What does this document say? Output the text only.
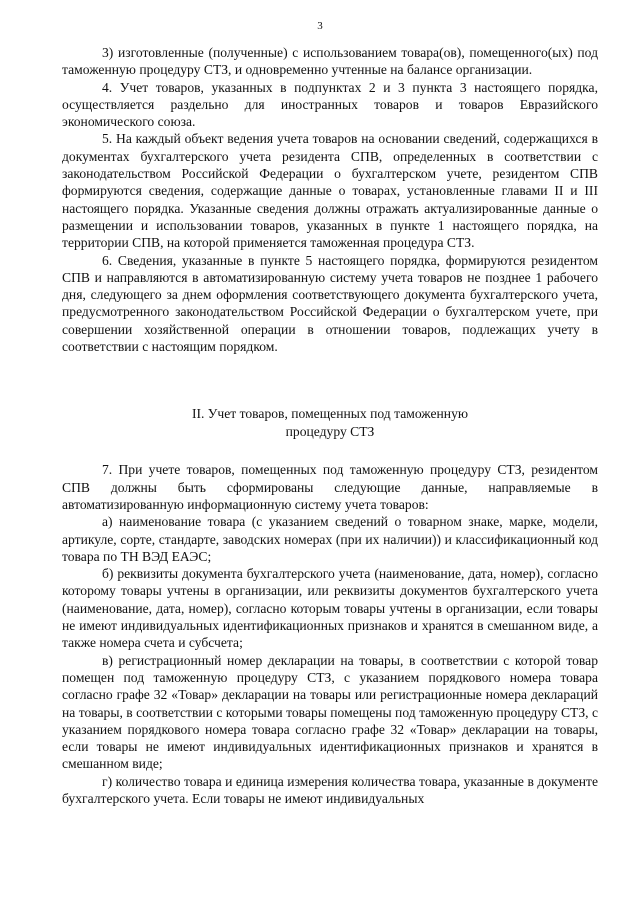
3

3) изготовленные (полученные) с использованием товара(ов), помещенного(ых) под таможенную процедуру СТЗ, и одновременно учтенные на балансе организации.

4. Учет товаров, указанных в подпунктах 2 и 3 пункта 3 настоящего порядка, осуществляется раздельно для иностранных товаров и товаров Евразийского экономического союза.

5. На каждый объект ведения учета товаров на основании сведений, содержащихся в документах бухгалтерского учета резидента СПВ, определенных в соответствии с законодательством Российской Федерации о бухгалтерском учете, резидентом СПВ формируются сведения, содержащие данные о товарах, установленные главами II и III настоящего порядка. Указанные сведения должны отражать актуализированные данные о размещении и использовании товаров, указанных в пункте 1 настоящего порядка, на территории СПВ, на которой применяется таможенная процедура СТЗ.

6. Сведения, указанные в пункте 5 настоящего порядка, формируются резидентом СПВ и направляются в автоматизированную систему учета товаров не позднее 1 рабочего дня, следующего за днем оформления соответствующего документа бухгалтерского учета, предусмотренного законодательством Российской Федерации о бухгалтерском учете, при совершении хозяйственной операции в отношении товаров, подлежащих учету в соответствии с настоящим порядком.

II. Учет товаров, помещенных под таможенную
процедуру СТЗ

7. При учете товаров, помещенных под таможенную процедуру СТЗ, резидентом СПВ должны быть сформированы следующие данные, направляемые в автоматизированную информационную систему учета товаров:

а) наименование товара (с указанием сведений о товарном знаке, марке, модели, артикуле, сорте, стандарте, заводских номерах (при их наличии)) и классификационный код товара по ТН ВЭД ЕАЭС;

б) реквизиты документа бухгалтерского учета (наименование, дата, номер), согласно которому товары учтены в организации, или реквизиты документов бухгалтерского учета (наименование, дата, номер), согласно которым товары учтены в организации, если товары не имеют индивидуальных идентификационных признаков и хранятся в смешанном виде, а также номера счета и субсчета;

в) регистрационный номер декларации на товары, в соответствии с которой товар помещен под таможенную процедуру СТЗ, с указанием порядкового номера товара согласно графе 32 «Товар» декларации на товары или регистрационные номера деклараций на товары, в соответствии с которыми товары помещены под таможенную процедуру СТЗ, с указанием порядкового номера товара согласно графе 32 «Товар» декларации на товары, если товары не имеют индивидуальных идентификационных признаков и хранятся в смешанном виде;

г) количество товара и единица измерения количества товара, указанные в документе бухгалтерского учета. Если товары не имеют индивидуальных
